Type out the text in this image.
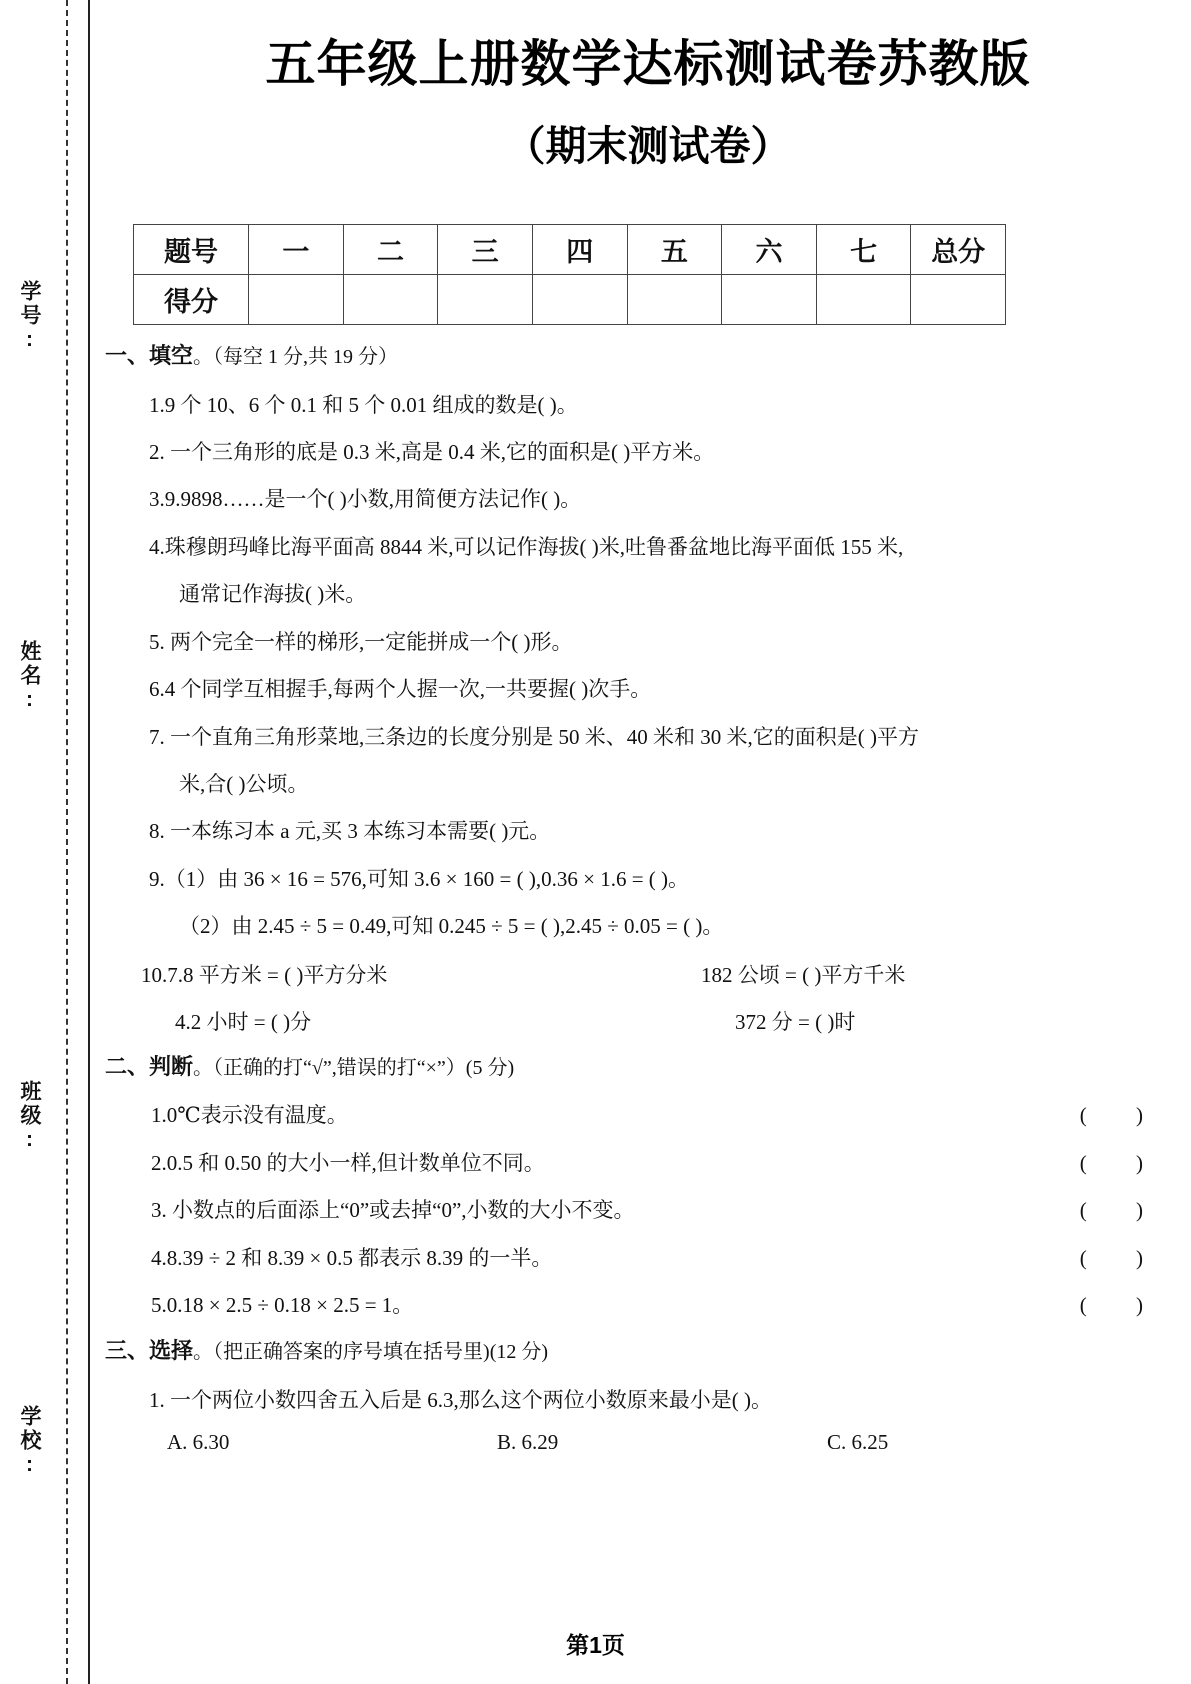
学号:
姓名:
班级:
学校:
五年级上册数学达标测试卷苏教版
（期末测试卷）
题号	一	二	三	四	五	六	七	总分
得分								
一、填空。（每空 1 分,共 19 分）
1.9 个 10、6 个 0.1 和 5 个 0.01 组成的数是( )。
2. 一个三角形的底是 0.3 米,高是 0.4 米,它的面积是( )平方米。
3.9.9898……是一个( )小数,用简便方法记作( )。
4.珠穆朗玛峰比海平面高 8844 米,可以记作海拔( )米,吐鲁番盆地比海平面低 155 米,
通常记作海拔( )米。
5. 两个完全一样的梯形,一定能拼成一个( )形。
6.4 个同学互相握手,每两个人握一次,一共要握( )次手。
7. 一个直角三角形菜地,三条边的长度分别是 50 米、40 米和 30 米,它的面积是( )平方
米,合( )公顷。
8. 一本练习本 a 元,买 3 本练习本需要( )元。
9.（1）由 36 × 16 = 576,可知 3.6 × 160 = ( ),0.36 × 1.6 = ( )。
（2）由 2.45 ÷ 5 = 0.49,可知 0.245 ÷ 5 = ( ),2.45 ÷ 0.05 = ( )。
10.7.8 平方米 = ( )平方分米	182 公顷 = ( )平方千米
4.2 小时 = ( )分	372 分 = ( )时
二、判断。（正确的打“√”,错误的打“×”）(5 分)
1.0℃表示没有温度。	( )
2.0.5 和 0.50 的大小一样,但计数单位不同。	( )
3. 小数点的后面添上“0”或去掉“0”,小数的大小不变。	( )
4.8.39 ÷ 2 和 8.39 × 0.5 都表示 8.39 的一半。	( )
5.0.18 × 2.5 ÷ 0.18 × 2.5 = 1。	( )
三、选择。（把正确答案的序号填在括号里)(12 分)
1. 一个两位小数四舍五入后是 6.3,那么这个两位小数原来最小是( )。
A. 6.30	B. 6.29	C. 6.25
第1页
